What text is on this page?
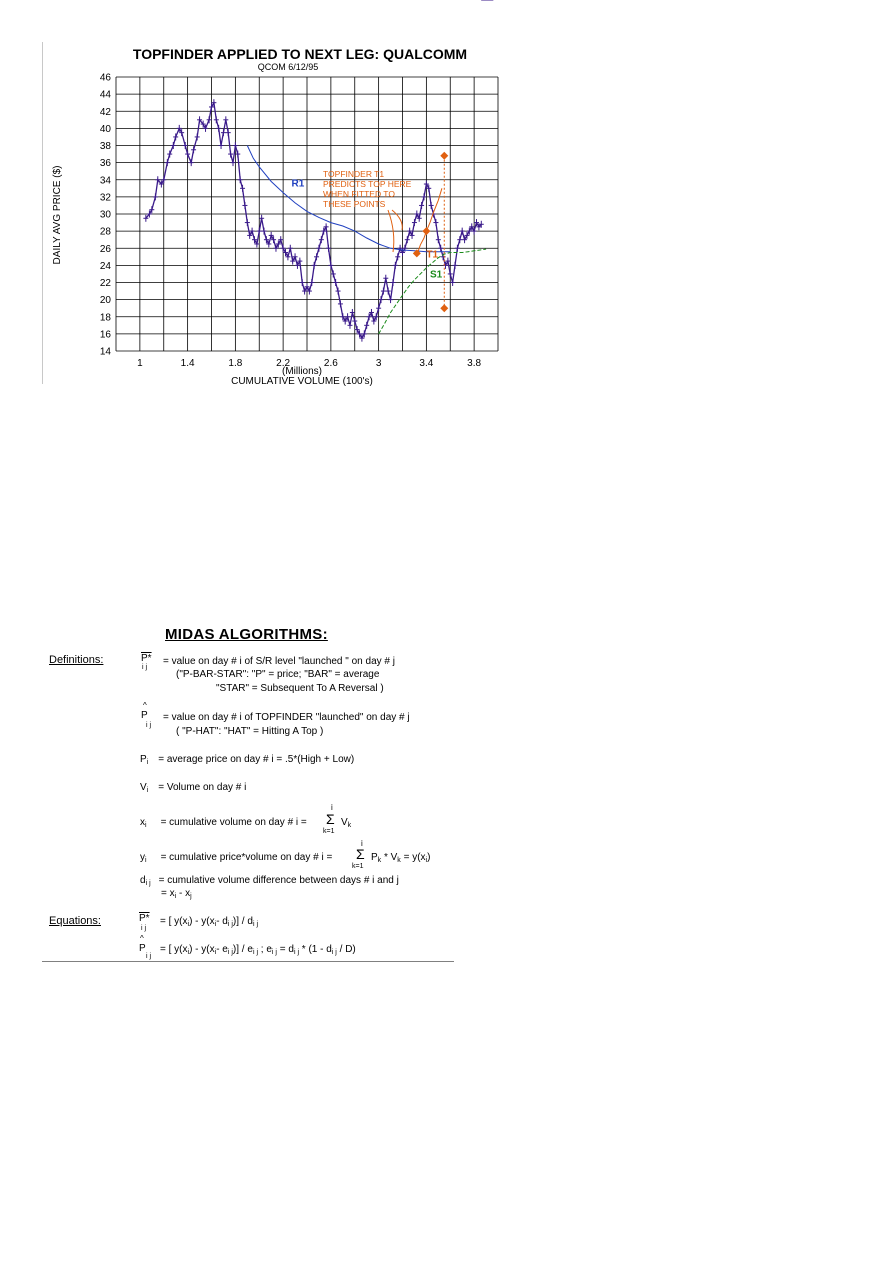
TOPFINDER APPLIED TO NEXT LEG: QUALCOMM
QCOM 6/12/95
14
16
18
20
22
24
26
28
30
32
34
36
38
40
42
44
46
1	1.4	1.8	2.2	2.6	3	3.4	3.8
DAILY AVG PRICE ($)
(Millions)
CUMULATIVE VOLUME (100's)
R1
S1
T1
TOPFINDER T1
PREDICTS TOP HERE
WHEN FITTED TO
THESE POINTS
MIDAS ALGORITHMS:
Definitions:	P*
i j
= value on day # i of S/R level "launched " on day # j
("P-BAR-STAR": "P" = price; "BAR" = average
"STAR" = Subsequent To A Reversal )
^
P
i j
= value on day # i of TOPFINDER "launched" on day # j
( "P-HAT": "HAT" = Hitting A Top )
$P_i$ = average price on day # i = .5*(High + Low)
$V_i$ = Volume on day # i
$x_i$ = cumulative volume on day # i =
i
Σ
k=1
$V_k$
$y_i$ = cumulative price*volume on day # i =
i
Σ
k=1
$P_k * V_k = y(x_i)$
$d_{i j}$ = cumulative volume difference between days # i and j
= $x_i - x_j$
Equations:	P*
i j
= [ $y(x_i) - y(x_i-$ $d_{i j})] / d_{i j}$
^
P
i j
= [ $y(x_i) - y(x_i-$ $e_{i j})] / e_{i j}$ ; $e_{i j} = d_{i j} * (1 - d_{i j} / D)$
